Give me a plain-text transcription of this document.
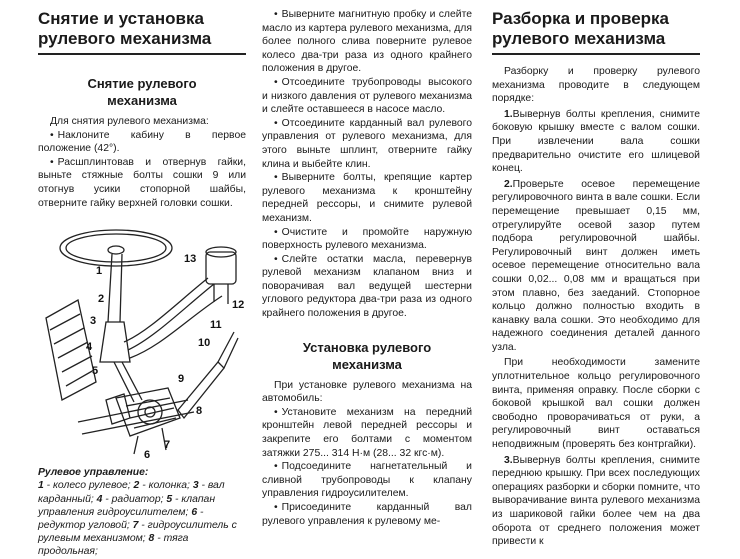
Снятие и установка
рулевого механизма
Снятие рулевого
механизма

Для снятия рулевого механизма:

• Наклоните кабину в первое положение (42°).

• Расшплинтовав и отвернув гайки, выньте стяжные болты сошки 9 или отогнув усики стопорной шайбы, отверните гайку верхней головки сошки.

1
2
3
4
5
6
7
8
9
10
11
12
13

Рулевое управление:
1 - колесо рулевое; 2 - колонка; 3 - вал карданный; 4 - радиатор; 5 - клапан управления гидроусилителем; 6 - редуктор угловой; 7 - гидроусилитель с рулевым механизмом; 8 - тяга продольная;

• Выверните магнитную пробку и слейте масло из картера рулевого механизма, для более полного слива поверните рулевое колесо два-три раза из одного крайнего положения в другое.

• Отсоедините трубопроводы высокого и низкого давления от рулевого механизма и слейте оставшееся в насосе масло.

• Отсоедините карданный вал рулевого управления от рулевого механизма, для этого выньте шплинт, отверните гайку клина и выбейте клин.

• Выверните болты, крепящие картер рулевого механизма к кронштейну передней рессоры, и снимите рулевой механизм.

• Очистите и промойте наружную поверхность рулевого механизма.

• Слейте остатки масла, перевернув рулевой механизм клапаном вниз и поворачивая вал ведущей шестерни углового редуктора два-три раза из одного крайнего положения в другое.

Установка рулевого
механизма

При установке рулевого механизма на автомобиль:

• Установите механизм на передний кронштейн левой передней рессоры и закрепите его болтами с моментом затяжки 275... 314 Н·м (28... 32 кгс·м).

• Подсоедините нагнетательный и сливной трубопроводы к клапану управления гидроусилителем.

• Присоедините карданный вал рулевого управления к рулевому ме-

Разборка и проверка
рулевого механизма

Разборку и проверку рулевого механизма проводите в следующем порядке:

1.Вывернув болты крепления, снимите боковую крышку вместе с валом сошки. При извлечении вала сошки предварительно очистите его шлицевой конец.

2.Проверьте осевое перемещение регулировочного винта в вале сошки. Если перемещение превышает 0,15 мм, отрегулируйте осевой зазор путем подбора регулировочной шайбы. Регулировочный винт должен иметь осевое перемещение относительно вала сошки 0,02... 0,08 мм и вращаться при этом плавно, без заеданий. Стопорное кольцо должно полностью входить в канавку вала сошки. Это необходимо для надежного соединения деталей данного узла.

При необходимости замените уплотнительное кольцо регулировочного винта, применяя оправку. После сборки с боковой крышкой вал сошки должен свободно проворачиваться от руки, а регулировочный винт оставаться неподвижным (проверять без контргайки).

3.Вывернув болты крепления, снимите переднюю крышку. При всех последующих операциях разборки и сборки помните, что выворачивание винта рулевого механизма из шариковой гайки более чем на два оборота от среднего положения может привести к
